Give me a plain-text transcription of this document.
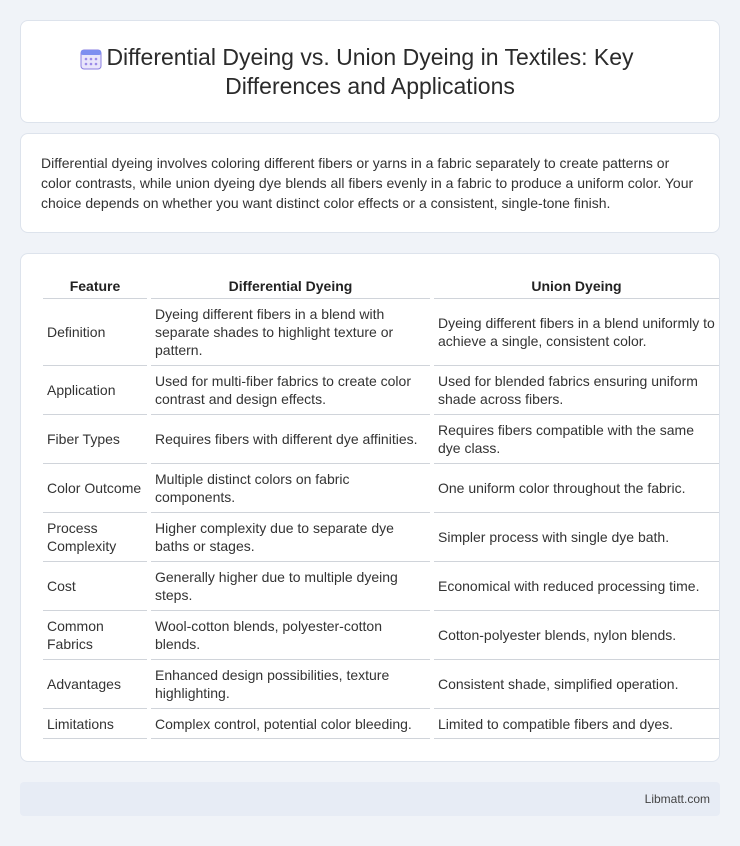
Differential Dyeing vs. Union Dyeing in Textiles: Key Differences and Applications

Differential dyeing involves coloring different fibers or yarns in a fabric separately to create patterns or color contrasts, while union dyeing dye blends all fibers evenly in a fabric to produce a uniform color. Your choice depends on whether you want distinct color effects or a consistent, single-tone finish.

Feature		Differential Dyeing		Union Dyeing
Definition		Dyeing different fibers in a blend with separate shades to highlight texture or pattern.		Dyeing different fibers in a blend uniformly to achieve a single, consistent color.
Application		Used for multi-fiber fabrics to create color contrast and design effects.		Used for blended fabrics ensuring uniform shade across fibers.
Fiber Types		Requires fibers with different dye affinities.		Requires fibers compatible with the same dye class.
Color Outcome		Multiple distinct colors on fabric components.		One uniform color throughout the fabric.
Process Complexity		Higher complexity due to separate dye baths or stages.		Simpler process with single dye bath.
Cost		Generally higher due to multiple dyeing steps.		Economical with reduced processing time.
Common Fabrics		Wool-cotton blends, polyester-cotton blends.		Cotton-polyester blends, nylon blends.
Advantages		Enhanced design possibilities, texture highlighting.		Consistent shade, simplified operation.
Limitations		Complex control, potential color bleeding.		Limited to compatible fibers and dyes.
Libmatt.com
